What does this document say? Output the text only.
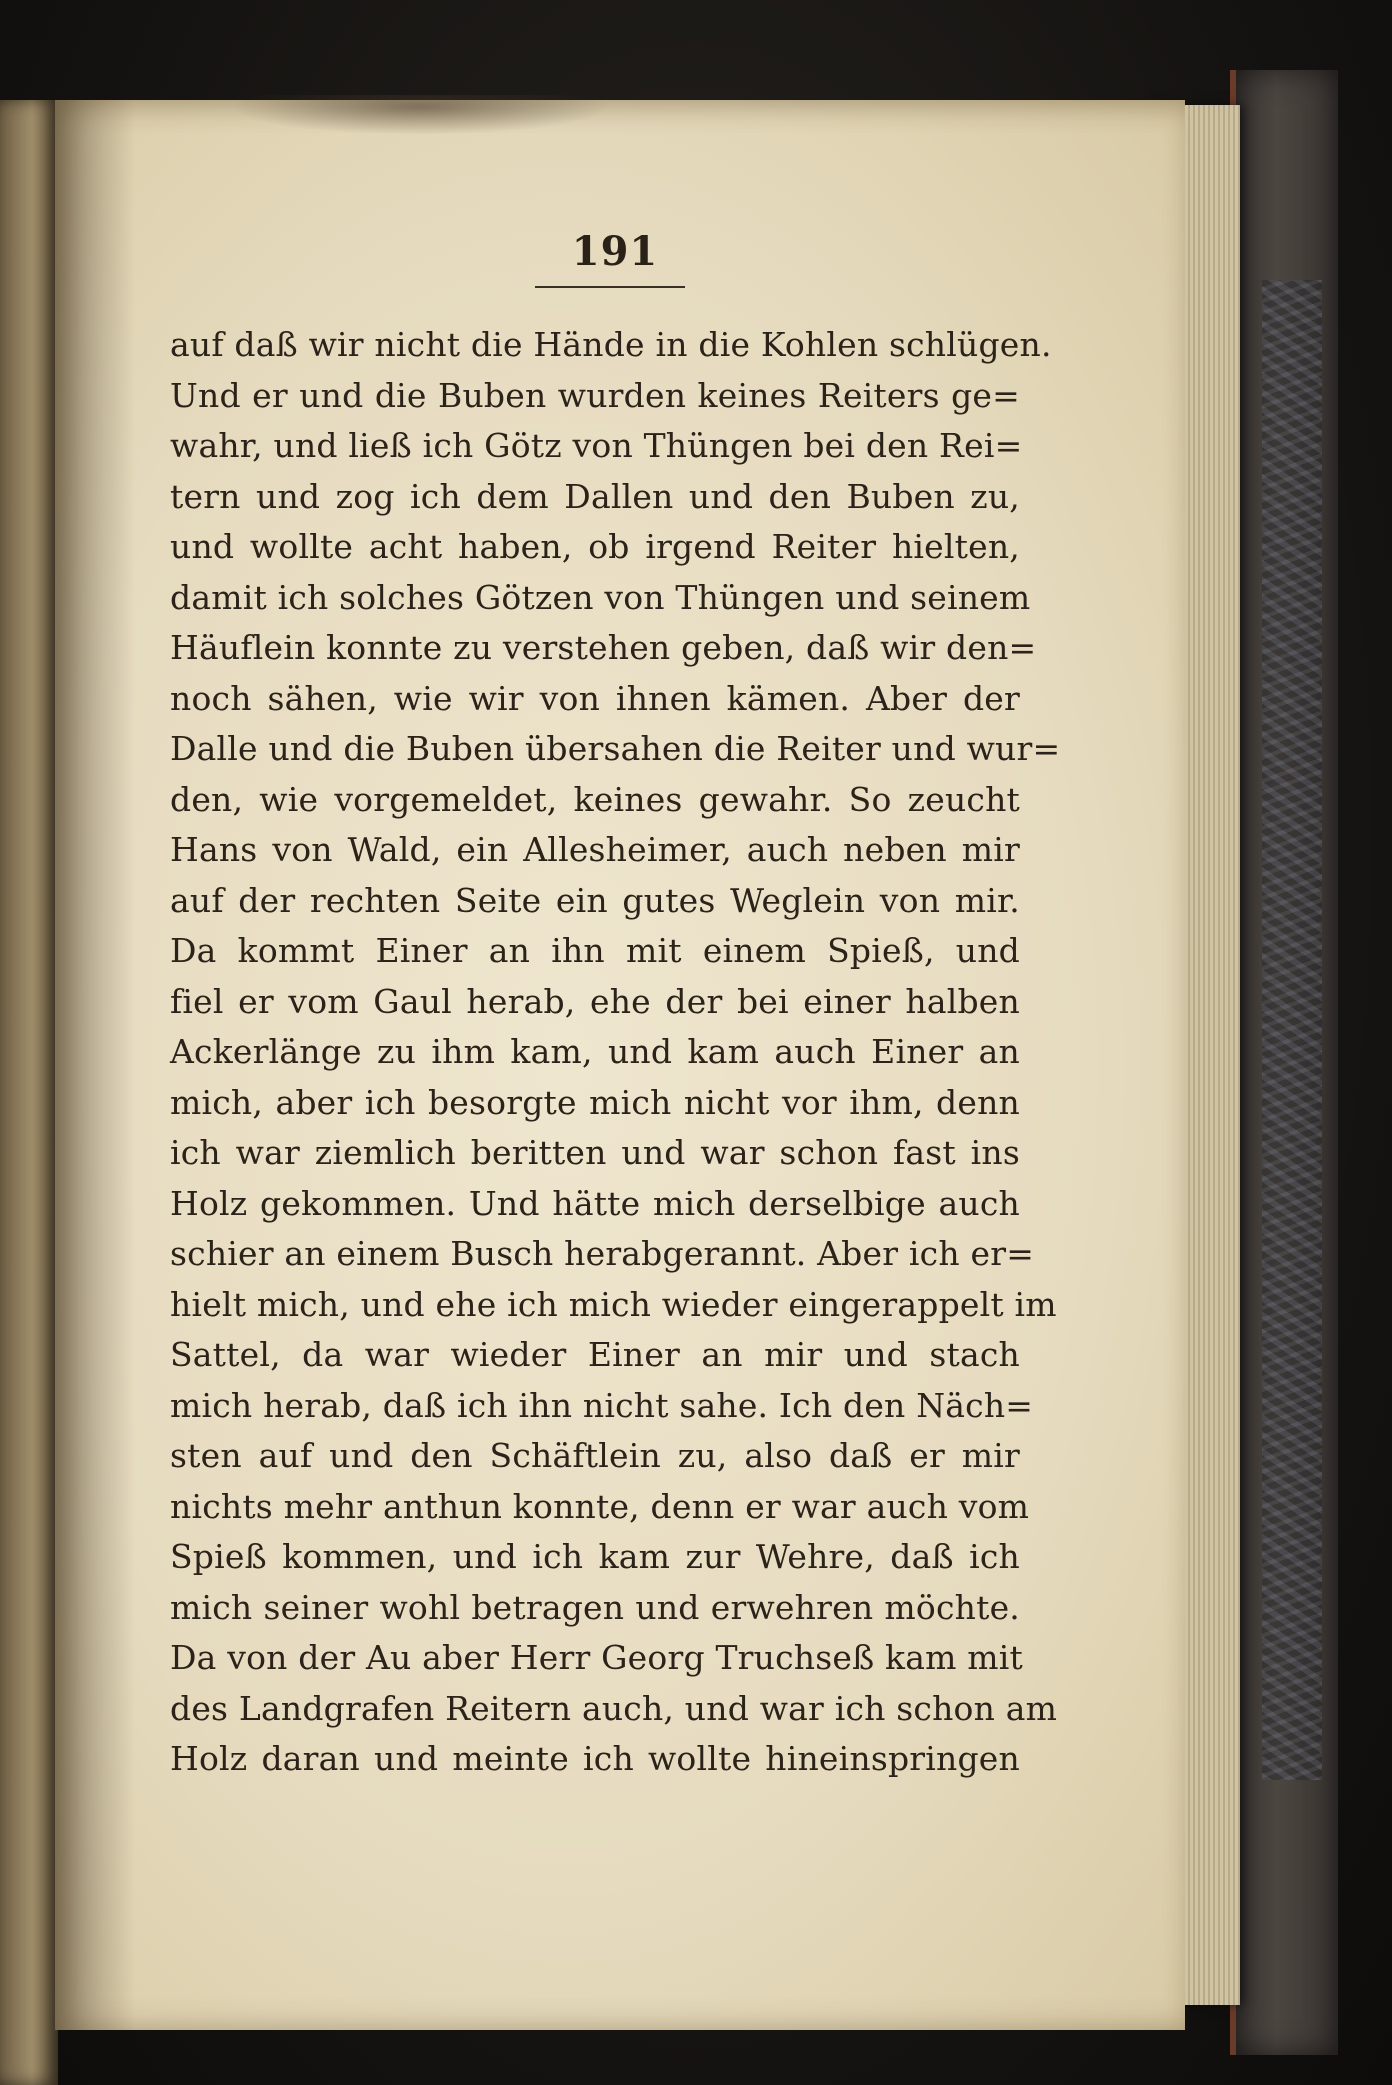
191
auf daß wir nicht die Hände in die Kohlen schlügen.
Und er und die Buben wurden keines Reiters ge=
wahr, und ließ ich Götz von Thüngen bei den Rei=
tern und zog ich dem Dallen und den Buben zu,
und wollte acht haben, ob irgend Reiter hielten,
damit ich solches Götzen von Thüngen und seinem
Häuflein konnte zu verstehen geben, daß wir den=
noch sähen, wie wir von ihnen kämen. Aber der
Dalle und die Buben übersahen die Reiter und wur=
den, wie vorgemeldet, keines gewahr. So zeucht
Hans von Wald, ein Allesheimer, auch neben mir
auf der rechten Seite ein gutes Weglein von mir.
Da kommt Einer an ihn mit einem Spieß, und
fiel er vom Gaul herab, ehe der bei einer halben
Ackerlänge zu ihm kam, und kam auch Einer an
mich, aber ich besorgte mich nicht vor ihm, denn
ich war ziemlich beritten und war schon fast ins
Holz gekommen. Und hätte mich derselbige auch
schier an einem Busch herabgerannt. Aber ich er=
hielt mich, und ehe ich mich wieder eingerappelt im
Sattel, da war wieder Einer an mir und stach
mich herab, daß ich ihn nicht sahe. Ich den Näch=
sten auf und den Schäftlein zu, also daß er mir
nichts mehr anthun konnte, denn er war auch vom
Spieß kommen, und ich kam zur Wehre, daß ich
mich seiner wohl betragen und erwehren möchte.
Da von der Au aber Herr Georg Truchseß kam mit
des Landgrafen Reitern auch, und war ich schon am
Holz daran und meinte ich wollte hineinspringen
